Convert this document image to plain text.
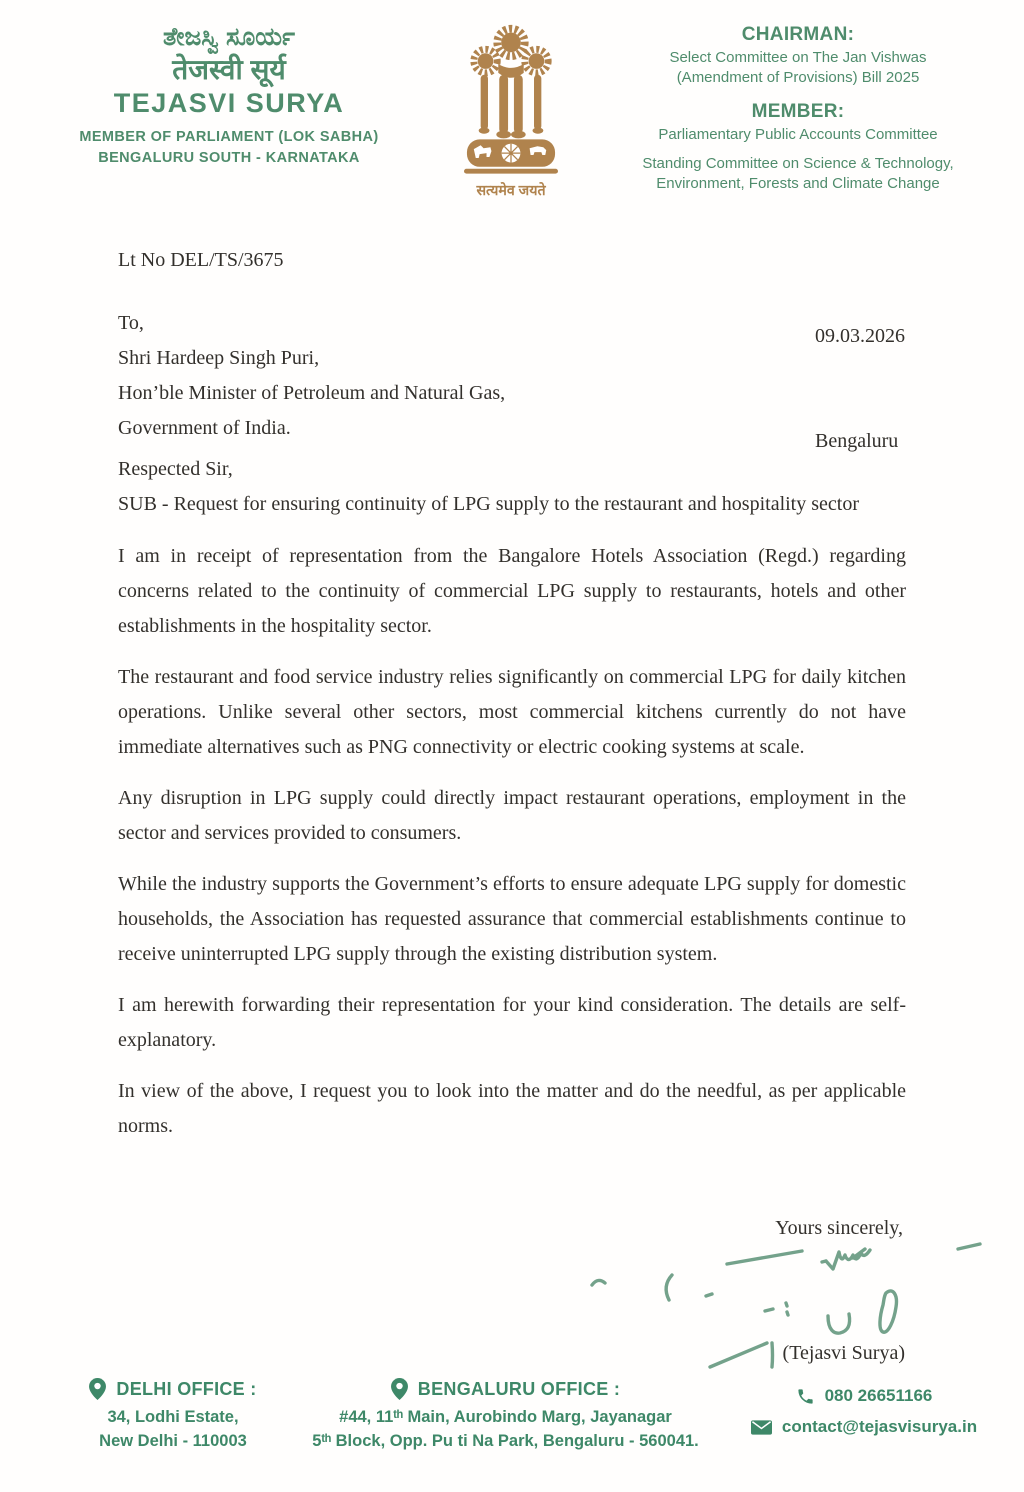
ತೇಜಸ್ವಿ ಸೂರ್ಯ
तेजस्वी सूर्य
TEJASVI SURYA
MEMBER OF PARLIAMENT (LOK SABHA)
BENGALURU SOUTH - KARNATAKA
सत्यमेव जयते
CHAIRMAN:
Select Committee on The Jan Vishwas
(Amendment of Provisions) Bill 2025
MEMBER:
Parliamentary Public Accounts Committee
Standing Committee on Science & Technology,
Environment, Forests and Climate Change
Lt No DEL/TS/3675

09.03.2026

Bengaluru

To,
Shri Hardeep Singh Puri,
Hon’ble Minister of Petroleum and Natural Gas,
Government of India.
Respected Sir,
SUB - Request for ensuring continuity of LPG supply to the restaurant and hospitality sector

I am in receipt of representation from the Bangalore Hotels Association (Regd.) regarding concerns related to the continuity of commercial LPG supply to restaurants, hotels and other establishments in the hospitality sector.

The restaurant and food service industry relies significantly on commercial LPG for daily kitchen operations. Unlike several other sectors, most commercial kitchens currently do not have immediate alternatives such as PNG connectivity or electric cooking systems at scale.

Any disruption in LPG supply could directly impact restaurant operations, employment in the sector and services provided to consumers.

While the industry supports the Government’s efforts to ensure adequate LPG supply for domestic households, the Association has requested assurance that commercial establishments continue to receive uninterrupted LPG supply through the existing distribution system.

I am herewith forwarding their representation for your kind consideration. The details are self-explanatory.

In view of the above, I request you to look into the matter and do the needful, as per applicable norms.

Yours sincerely,
(Tejasvi Surya)
DELHI OFFICE :
34, Lodhi Estate,
New Delhi - 110003
BENGALURU OFFICE :
#44, 11ᵗʰ Main, Aurobindo Marg, Jayanagar
5ᵗʰ Block, Opp. Pu ti Na Park, Bengaluru - 560041.
080 26651166
contact@tejasvisurya.in
